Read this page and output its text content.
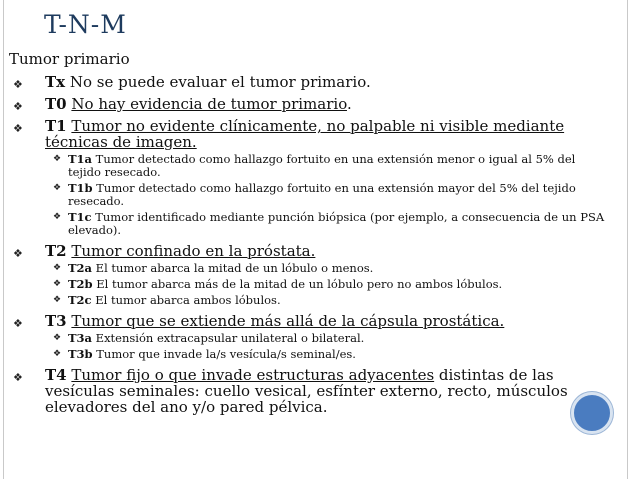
T-N-M
Tumor primario
❖ Tx No se puede evaluar el tumor primario.
❖ T0 No hay evidencia de tumor primario.
❖ T1 Tumor no evidente clínicamente, no palpable ni visible mediante técnicas de imagen.
❖ T1a Tumor detectado como hallazgo fortuito en una extensión menor o igual al 5% del tejido resecado.
❖ T1b Tumor detectado como hallazgo fortuito en una extensión mayor del 5% del tejido resecado.
❖ T1c Tumor identificado mediante punción biópsica (por ejemplo, a consecuencia de un PSA elevado).
❖ T2 Tumor confinado en la próstata.
❖ T2a El tumor abarca la mitad de un lóbulo o menos.
❖ T2b El tumor abarca más de la mitad de un lóbulo pero no ambos lóbulos.
❖ T2c El tumor abarca ambos lóbulos.
❖ T3 Tumor que se extiende más allá de la cápsula prostática.
❖ T3a Extensión extracapsular unilateral o bilateral.
❖ T3b Tumor que invade la/s vesícula/s seminal/es.
❖ T4 Tumor fijo o que invade estructuras adyacentes distintas de las vesículas seminales: cuello vesical, esfínter externo, recto, músculos elevadores del ano y/o pared pélvica.
